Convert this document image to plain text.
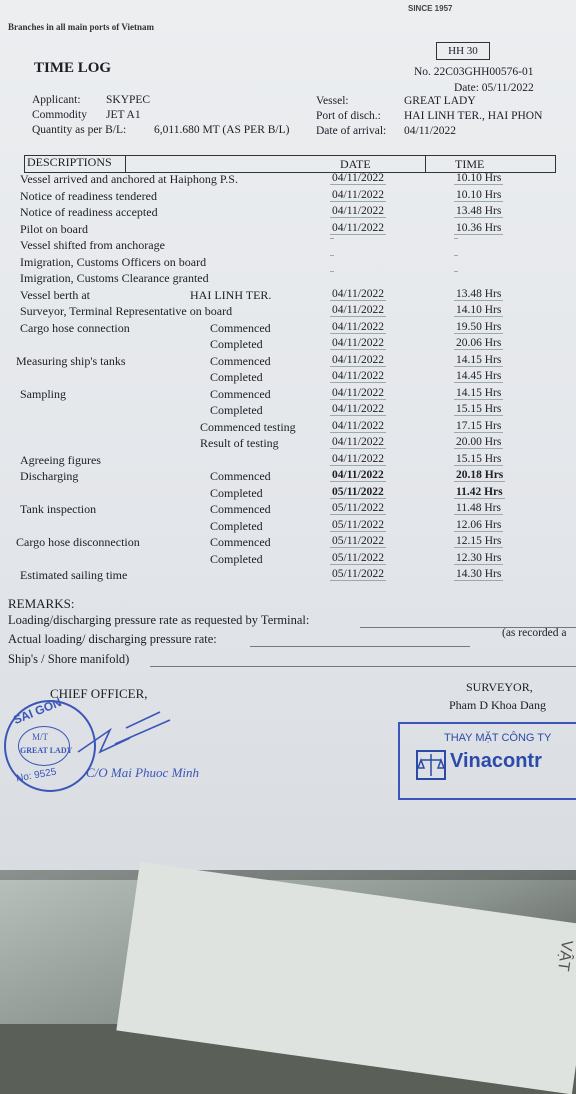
Branches in all main ports of Vietnam
SINCE 1957
HH 30
TIME LOG	No. 22C03GHH00576-01
Date: 05/11/2022
Applicant: SKYPEC
Commodity JET A1
Quantity as per B/L: 6,011.680 MT (AS PER B/L)
Vessel:	GREAT LADY
Port of disch.: HAI LINH TER., HAI PHON
Date of arrival: 04/11/2022
DESCRIPTIONS	DATE	TIME
Vessel arrived and anchored at Haiphong P.S.	04/11/2022	10.10 Hrs
Notice of readiness tendered	04/11/2022	10.10 Hrs
Notice of readiness accepted	04/11/2022	13.48 Hrs
Pilot on board	04/11/2022	10.36 Hrs
Vessel shifted from anchorage
Imigration, Customs Officers on board
Imigration, Customs Clearance granted
Vessel berth at	HAI LINH TER.	04/11/2022	13.48 Hrs
Surveyor, Terminal Representative on board	04/11/2022	14.10 Hrs
Cargo hose connection	Commenced	04/11/2022	19.50 Hrs
Completed	04/11/2022	20.06 Hrs
Measuring ship's tanks	Commenced	04/11/2022	14.15 Hrs
Completed	04/11/2022	14.45 Hrs
Sampling	Commenced	04/11/2022	14.15 Hrs
Completed	04/11/2022	15.15 Hrs
Commenced testing	04/11/2022	17.15 Hrs
Result of testing	04/11/2022	20.00 Hrs
Agreeing figures	04/11/2022	15.15 Hrs
Discharging	Commenced	04/11/2022	20.18 Hrs
Completed	05/11/2022	11.42 Hrs
Tank inspection	Commenced	05/11/2022	11.48 Hrs
Completed	05/11/2022	12.06 Hrs
Cargo hose disconnection	Commenced	05/11/2022	12.15 Hrs
Completed	05/11/2022	12.30 Hrs
Estimated sailing time	05/11/2022	14.30 Hrs
REMARKS:
Loading/discharging pressure rate as requested by Terminal:
Actual loading/ discharging pressure rate:	(as recorded a
Ship's / Shore manifold)
CHIEF OFFICER,	SURVEYOR,
Pham D Khoa Dang
SAI GON
M/T
GREAT LADY
No: 9525 C/O Mai Phuoc Minh
THAY MẶT CÔNG TY
Vinacontr
VẬT
